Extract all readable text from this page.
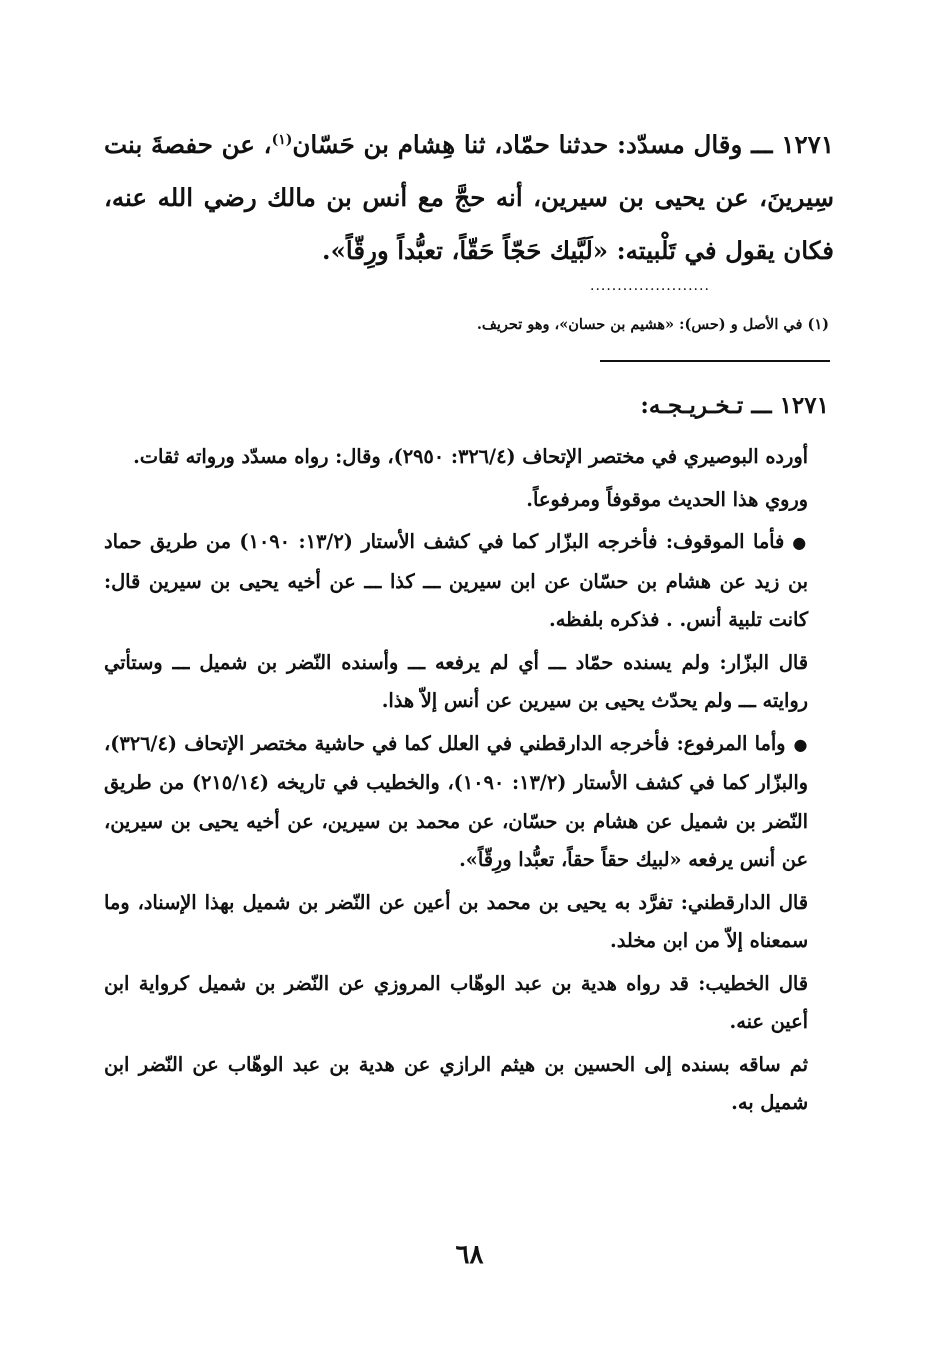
١٢٧١ ـــ وقال مسدّد: حدثنا حمّاد، ثنا هِشام بن حَسّان$^{(١)}$، عن حفصةَ بنت سِيرينَ، عن يحيى بن سيرين، أنه حجَّ مع أنس بن مالك رضي الله عنه، فكان يقول في تَلْبيته: «لَبَّيك حَجّاً حَقّاً، تعبُّداً ورِقّاً».
......................
(١) في الأصل و (حس): «هشيم بن حسان»، وهو تحريف.
١٢٧١ ـــ تـخـريـجـه:

أورده البوصيري في مختصر الإتحاف (٣٢٦/٤: ٢٩٥٠)، وقال: رواه مسدّد ورواته ثقات.

وروي هذا الحديث موقوفاً ومرفوعاً.

●فأما الموقوف: فأخرجه البزّار كما في كشف الأستار (١٣/٢: ١٠٩٠) من طريق حماد بن زيد عن هشام بن حسّان عن ابن سيرين ـــ كذا ـــ عن أخيه يحيى بن سيرين قال: كانت تلبية أنس. . فذكره بلفظه.

قال البزّار: ولم يسنده حمّاد ـــ أي لم يرفعه ـــ وأسنده النّضر بن شميل ـــ وستأتي روايته ـــ ولم يحدّث يحيى بن سيرين عن أنس إلاّ هذا.

●وأما المرفوع: فأخرجه الدارقطني في العلل كما في حاشية مختصر الإتحاف (٣٢٦/٤)، والبزّار كما في كشف الأستار (١٣/٢: ١٠٩٠)، والخطيب في تاريخه (٢١٥/١٤) من طريق النّضر بن شميل عن هشام بن حسّان، عن محمد بن سيرين، عن أخيه يحيى بن سيرين، عن أنس يرفعه «لبيك حقاً حقاً، تعبُّدا ورِقّاً».

قال الدارقطني: تفرَّد به يحيى بن محمد بن أعين عن النّضر بن شميل بهذا الإسناد، وما سمعناه إلاّ من ابن مخلد.

قال الخطيب: قد رواه هدية بن عبد الوهّاب المروزي عن النّضر بن شميل كرواية ابن أعين عنه.

ثم ساقه بسنده إلى الحسين بن هيثم الرازي عن هدية بن عبد الوهّاب عن النّضر ابن شميل به.

٦٨
